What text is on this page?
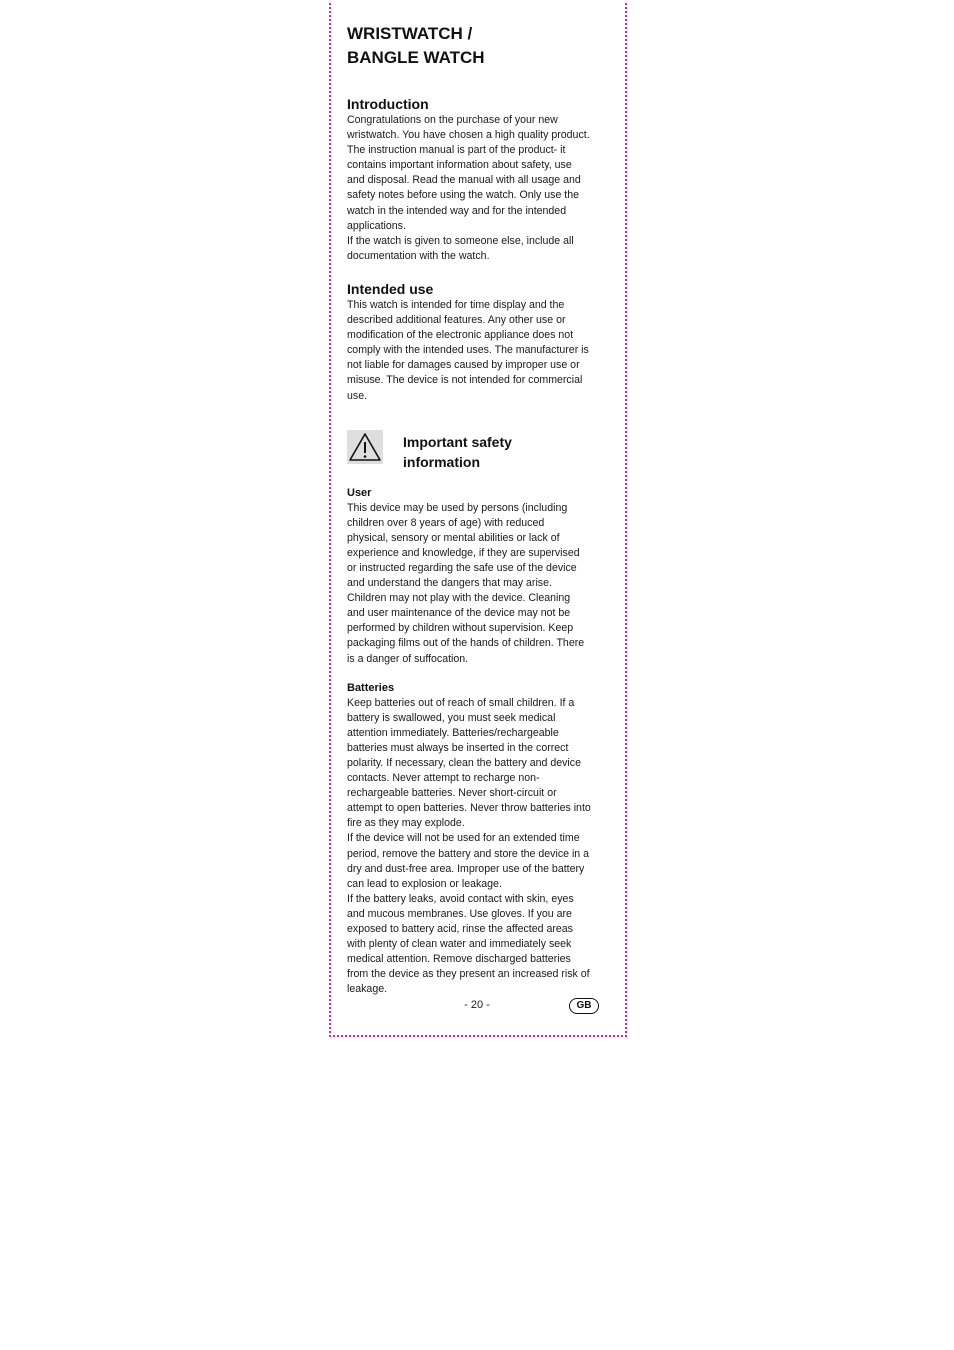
WRISTWATCH /
BANGLE WATCH
Introduction

Congratulations on the purchase of your new
wristwatch. You have chosen a high quality product.
The instruction manual is part of the product- it
contains important information about safety, use
and disposal. Read the manual with all usage and
safety notes before using the watch. Only use the
watch in the intended way and for the intended
applications.
If the watch is given to someone else, include all
documentation with the watch.

Intended use

This watch is intended for time display and the
described additional features. Any other use or
modification of the electronic appliance does not
comply with the intended uses. The manufacturer is
not liable for damages caused by improper use or
misuse. The device is not intended for commercial
use.

Important safety
information
User

This device may be used by persons (including
children over 8 years of age) with reduced
physical, sensory or mental abilities or lack of
experience and knowledge, if they are supervised
or instructed regarding the safe use of the device
and understand the dangers that may arise.
Children may not play with the device. Cleaning
and user maintenance of the device may not be
performed by children without supervision. Keep
packaging films out of the hands of children. There
is a danger of suffocation.

Batteries

Keep batteries out of reach of small children. If a
battery is swallowed, you must seek medical
attention immediately. Batteries/rechargeable
batteries must always be inserted in the correct
polarity. If necessary, clean the battery and device
contacts. Never attempt to recharge non-
rechargeable batteries. Never short-circuit or
attempt to open batteries. Never throw batteries into
fire as they may explode.
If the device will not be used for an extended time
period, remove the battery and store the device in a
dry and dust-free area. Improper use of the battery
can lead to explosion or leakage.
If the battery leaks, avoid contact with skin, eyes
and mucous membranes. Use gloves. If you are
exposed to battery acid, rinse the affected areas
with plenty of clean water and immediately seek
medical attention. Remove discharged batteries
from the device as they present an increased risk of
leakage.

- 20 -	GB
